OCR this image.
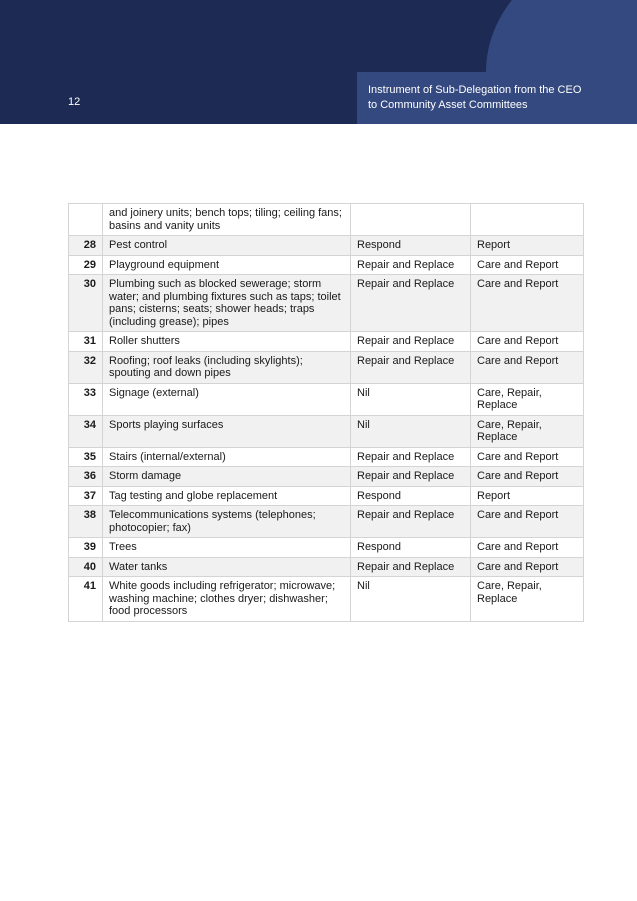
12
Instrument of Sub-Delegation from the CEO
to Community Asset Committees
	and joinery units; bench tops; tiling; ceiling fans; basins and vanity units		
28	Pest control	Respond	Report
29	Playground equipment	Repair and Replace	Care and Report
30	Plumbing such as blocked sewerage; storm water; and plumbing fixtures such as taps; toilet pans; cisterns; seats; shower heads; traps (including grease); pipes	Repair and Replace	Care and Report
31	Roller shutters	Repair and Replace	Care and Report
32	Roofing; roof leaks (including skylights); spouting and down pipes	Repair and Replace	Care and Report
33	Signage (external)	Nil	Care, Repair, Replace
34	Sports playing surfaces	Nil	Care, Repair, Replace
35	Stairs (internal/external)	Repair and Replace	Care and Report
36	Storm damage	Repair and Replace	Care and Report
37	Tag testing and globe replacement	Respond	Report
38	Telecommunications systems (telephones; photocopier; fax)	Repair and Replace	Care and Report
39	Trees	Respond	Care and Report
40	Water tanks	Repair and Replace	Care and Report
41	White goods including refrigerator; microwave; washing machine; clothes dryer; dishwasher; food processors	Nil	Care, Repair, Replace
